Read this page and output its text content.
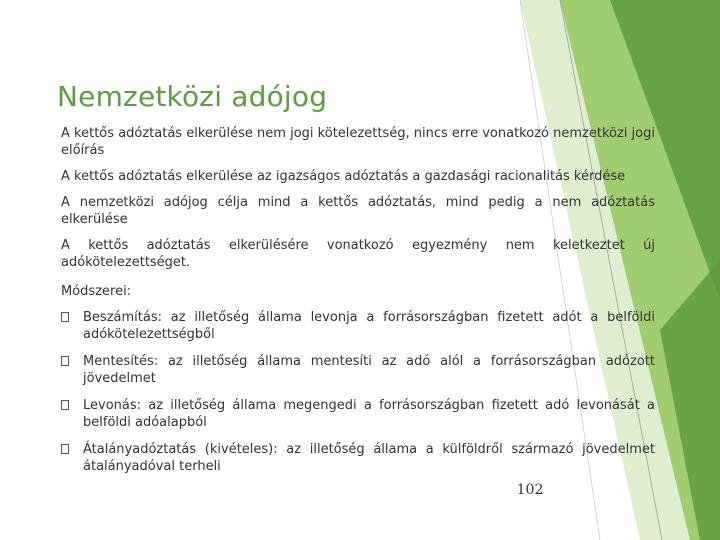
Nemzetközi adójog

A kettős adóztatás elkerülése nem jogi kötelezettség, nincs erre vonatkozó nemzetközi jogi előírás

A kettős adóztatás elkerülése az igazságos adóztatás a gazdasági racionalitás kérdése

A nemzetközi adójog célja mind a kettős adóztatás, mind pedig a nem adóztatás elkerülése

A kettős adóztatás elkerülésére vonatkozó egyezmény nem keletkeztet új adókötelezettséget.

Módszerei:

Beszámítás: az illetőség állama levonja a forrásországban fizetett adót a belföldi adókötelezettségből
Mentesítés: az illetőség állama mentesíti az adó alól a forrásországban adózott jövedelmet
Levonás: az illetőség állama megengedi a forrásországban fizetett adó levonását a belföldi adóalapból
Átalányadóztatás (kivételes): az illetőség állama a külföldről származó jövedelmet átalányadóval terheli
102
